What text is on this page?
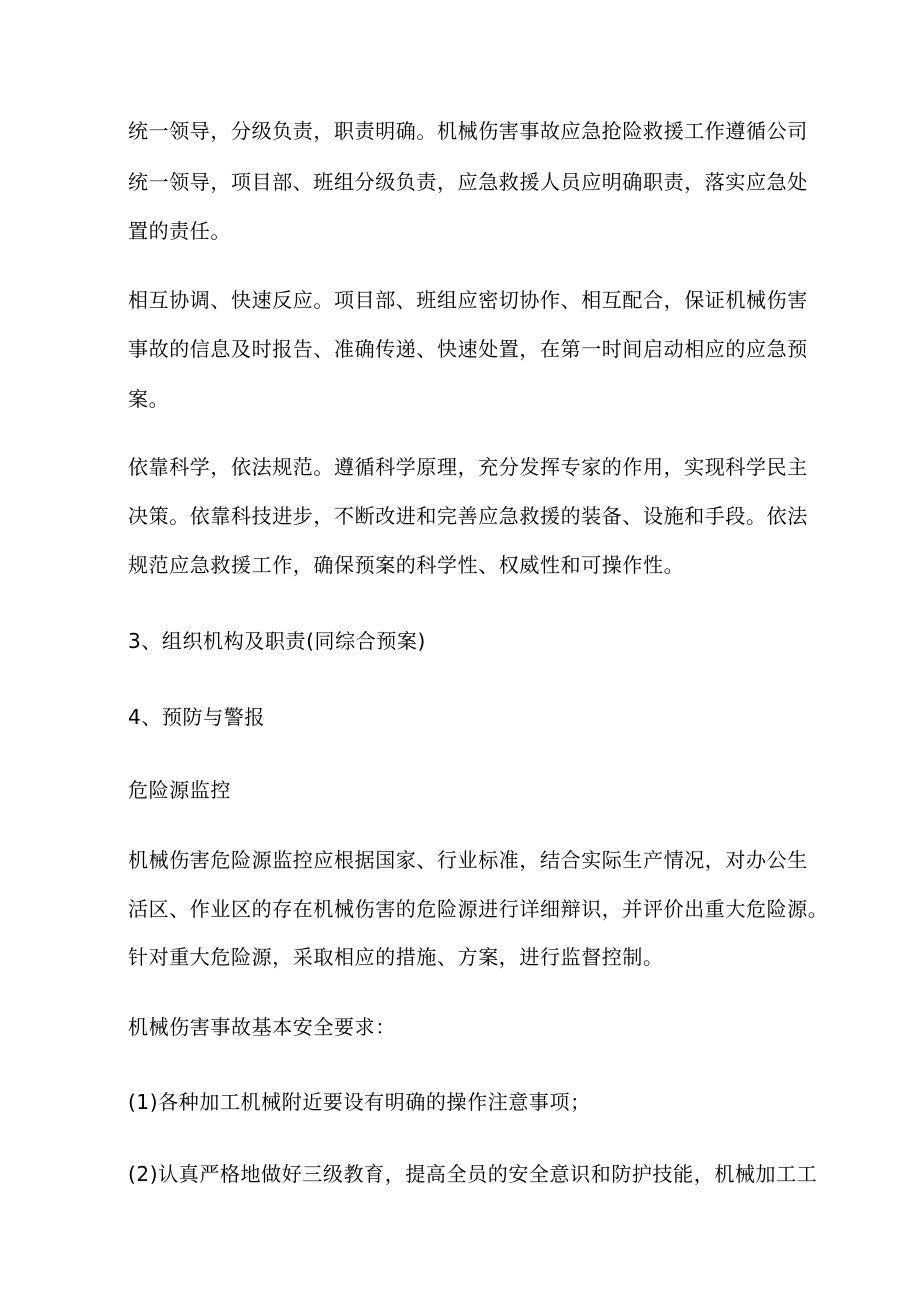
统一领导，分级负责，职责明确。机械伤害事故应急抢险救援工作遵循公司
统一领导，项目部、班组分级负责，应急救援人员应明确职责，落实应急处
置的责任。
相互协调、快速反应。项目部、班组应密切协作、相互配合，保证机械伤害
事故的信息及时报告、准确传递、快速处置，在第一时间启动相应的应急预
案。
依靠科学，依法规范。遵循科学原理，充分发挥专家的作用，实现科学民主
决策。依靠科技进步，不断改进和完善应急救援的装备、设施和手段。依法
规范应急救援工作，确保预案的科学性、权威性和可操作性。
3、组织机构及职责(同综合预案)
4、预防与警报
危险源监控
机械伤害危险源监控应根据国家、行业标准，结合实际生产情况，对办公生
活区、作业区的存在机械伤害的危险源进行详细辩识，并评价出重大危险源。
针对重大危险源，采取相应的措施、方案，进行监督控制。
机械伤害事故基本安全要求：
(1)各种加工机械附近要设有明确的操作注意事项；
(2)认真严格地做好三级教育，提高全员的安全意识和防护技能，机械加工工
